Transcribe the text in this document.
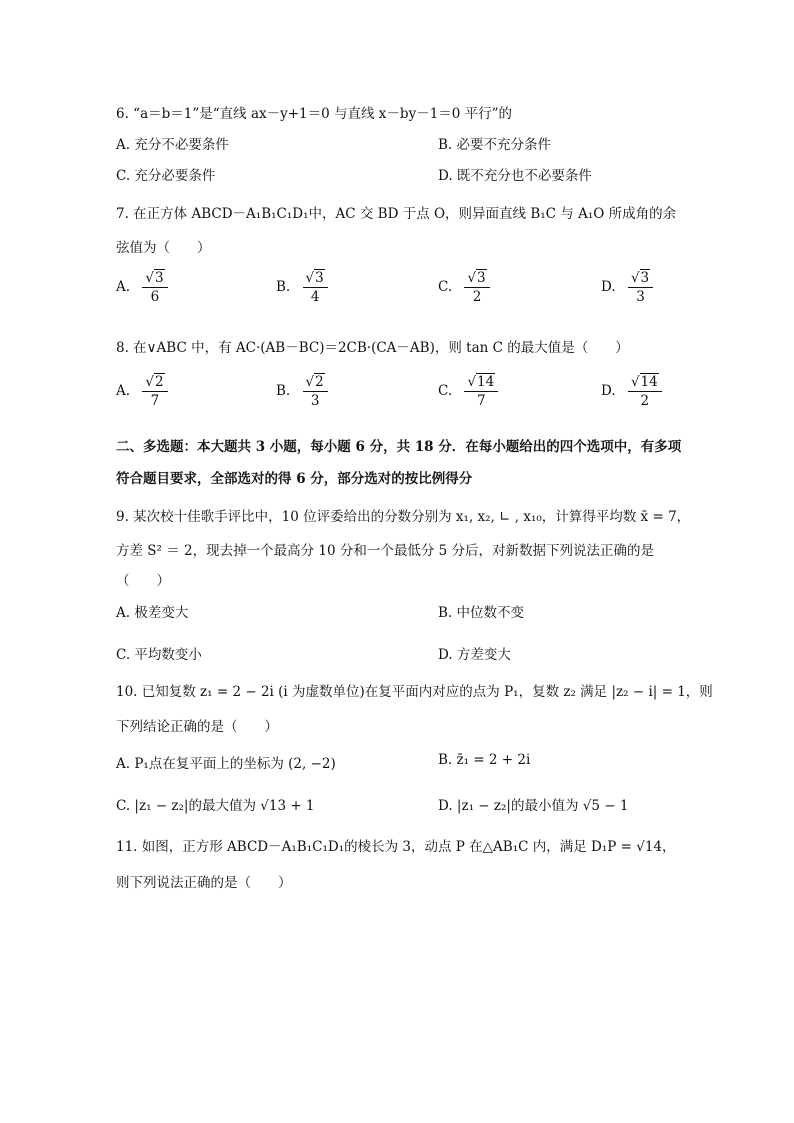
6. “a＝b＝1”是“直线 ax－y+1＝0 与直线 x－by－1＝0 平行”的
A. 充分不必要条件	B. 必要不充分条件
C. 充分必要条件	D. 既不充分也不必要条件
7. 在正方体 ABCD－A₁B₁C₁D₁中，AC 交 BD 于点 O，则异面直线 B₁C 与 A₁O 所成角的余
弦值为（　　）
A. √ $\frac{3}{6}$	B. √ $\frac{3}{4}$	C. √ $\frac{3}{2}$	D. √ $\frac{3}{3}$
8. 在∨ABC 中，有 AC·(AB－BC)＝2CB·(CA－AB)，则 tan C 的最大值是（　　）
A. √ $\frac{2}{7}$	B. √ $\frac{2}{3}$	C. √ $\frac{14}{7}$	D. √ $\frac{14}{2}$
二、多选题：本大题共 3 小题，每小题 6 分，共 18 分．在每小题给出的四个选项中，有多项
符合题目要求，全部选对的得 6 分，部分选对的按比例得分
9. 某次校十佳歌手评比中，10 位评委给出的分数分别为 x₁, x₂, ∟ , x₁₀，计算得平均数 x̄ = 7，
方差 S² ＝ 2，现去掉一个最高分 10 分和一个最低分 5 分后，对新数据下列说法正确的是
（　　）
A. 极差变大	B. 中位数不变
C. 平均数变小	D. 方差变大
10. 已知复数 z₁ = 2 − 2i (i 为虚数单位)在复平面内对应的点为 P₁，复数 z₂ 满足 |z₂ − i| = 1，则
下列结论正确的是（　　）
A. P₁点在复平面上的坐标为 (2, −2)	B. z̄₁ = 2 + 2i
C. |z₁ − z₂|的最大值为 √13 + 1	D. |z₁ − z₂|的最小值为 √5 − 1
11. 如图，正方形 ABCD－A₁B₁C₁D₁的棱长为 3，动点 P 在△AB₁C 内，满足 D₁P = √14，
则下列说法正确的是（　　）
